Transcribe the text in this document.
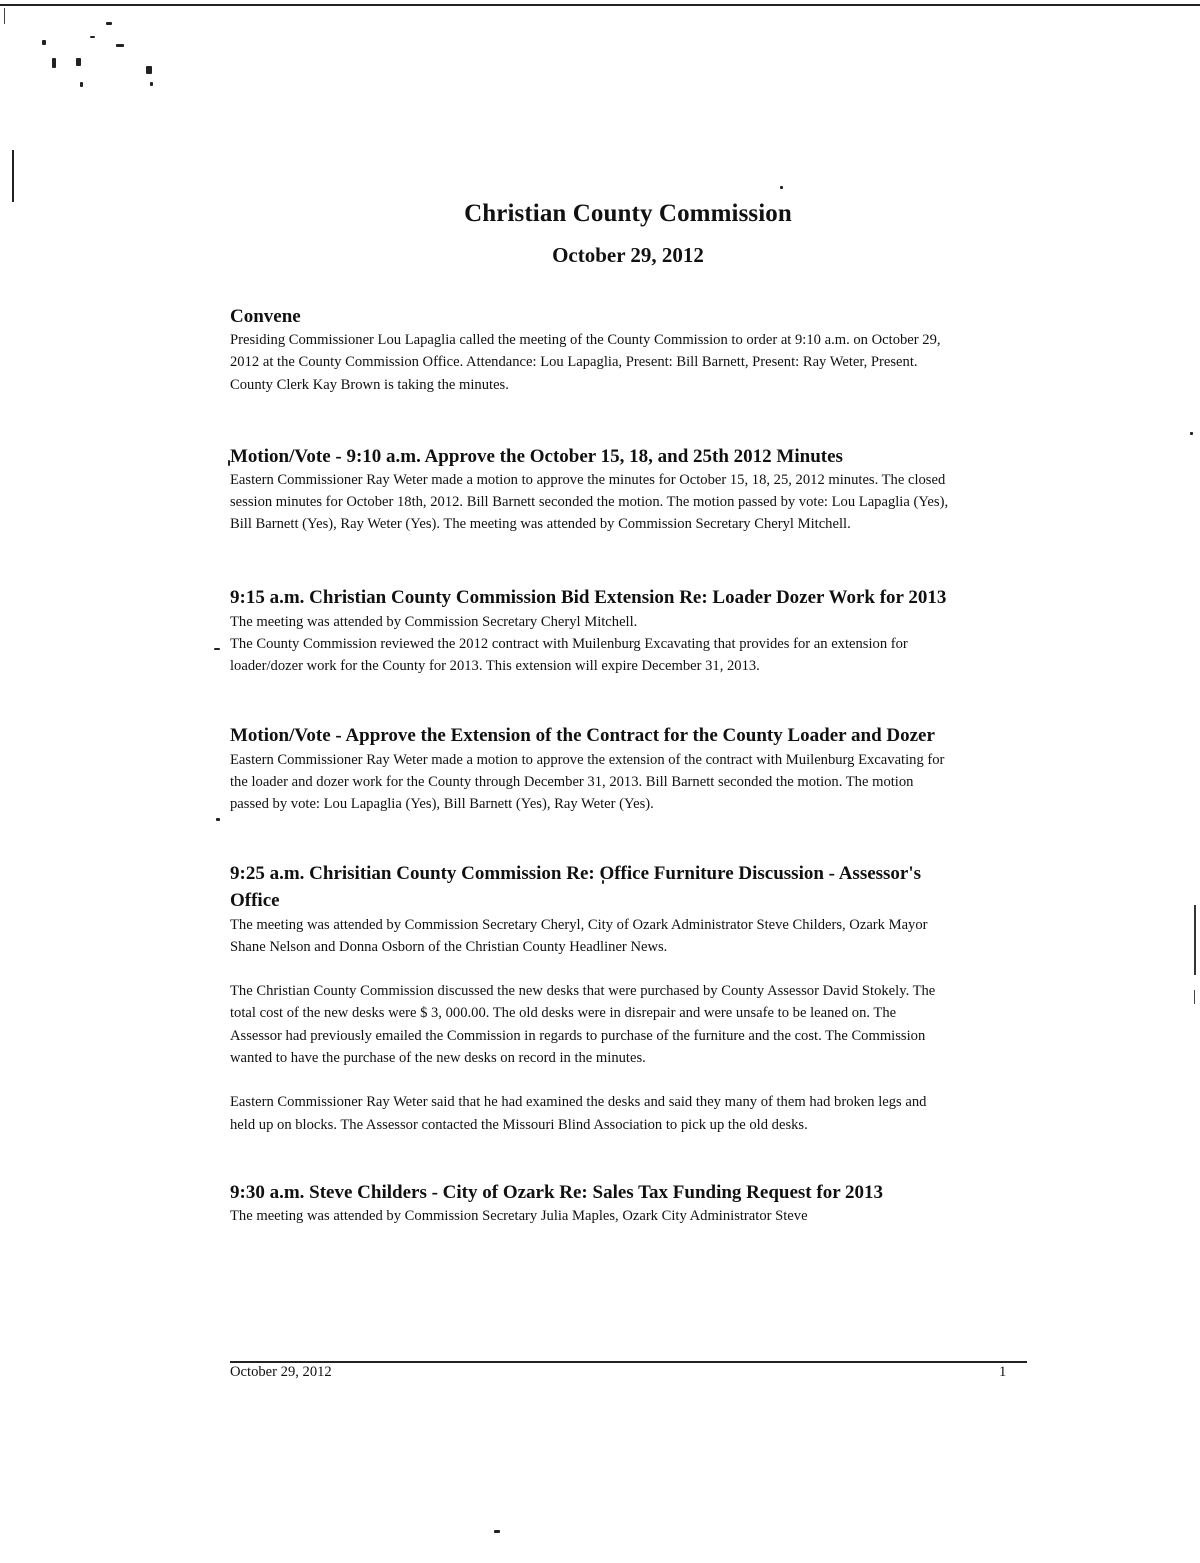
Christian County Commission
October 29, 2012
Convene

Presiding Commissioner Lou Lapaglia called the meeting of the County Commission to order at 9:10 a.m. on October 29, 2012 at the County Commission Office. Attendance: Lou Lapaglia, Present: Bill Barnett, Present: Ray Weter, Present. County Clerk Kay Brown is taking the minutes.

Motion/Vote - 9:10 a.m. Approve the October 15, 18, and 25th 2012 Minutes

Eastern Commissioner Ray Weter made a motion to approve the minutes for October 15, 18, 25, 2012 minutes. The closed session minutes for October 18th, 2012. Bill Barnett seconded the motion. The motion passed by vote: Lou Lapaglia (Yes), Bill Barnett (Yes), Ray Weter (Yes). The meeting was attended by Commission Secretary Cheryl Mitchell.

9:15 a.m. Christian County Commission Bid Extension Re: Loader Dozer Work for 2013

The meeting was attended by Commission Secretary Cheryl Mitchell.

The County Commission reviewed the 2012 contract with Muilenburg Excavating that provides for an extension for loader/dozer work for the County for 2013. This extension will expire December 31, 2013.

Motion/Vote - Approve the Extension of the Contract for the County Loader and Dozer

Eastern Commissioner Ray Weter made a motion to approve the extension of the contract with Muilenburg Excavating for the loader and dozer work for the County through December 31, 2013. Bill Barnett seconded the motion. The motion passed by vote: Lou Lapaglia (Yes), Bill Barnett (Yes), Ray Weter (Yes).

9:25 a.m. Chrisitian County Commission Re: Office Furniture Discussion - Assessor's Office

The meeting was attended by Commission Secretary Cheryl, City of Ozark Administrator Steve Childers, Ozark Mayor Shane Nelson and Donna Osborn of the Christian County Headliner News.

The Christian County Commission discussed the new desks that were purchased by County Assessor David Stokely. The total cost of the new desks were $ 3, 000.00. The old desks were in disrepair and were unsafe to be leaned on. The Assessor had previously emailed the Commission in regards to purchase of the furniture and the cost. The Commission wanted to have the purchase of the new desks on record in the minutes.

Eastern Commissioner Ray Weter said that he had examined the desks and said they many of them had broken legs and held up on blocks. The Assessor contacted the Missouri Blind Association to pick up the old desks.

9:30 a.m. Steve Childers - City of Ozark Re: Sales Tax Funding Request for 2013

The meeting was attended by Commission Secretary Julia Maples, Ozark City Administrator Steve

October 29, 2012	1
